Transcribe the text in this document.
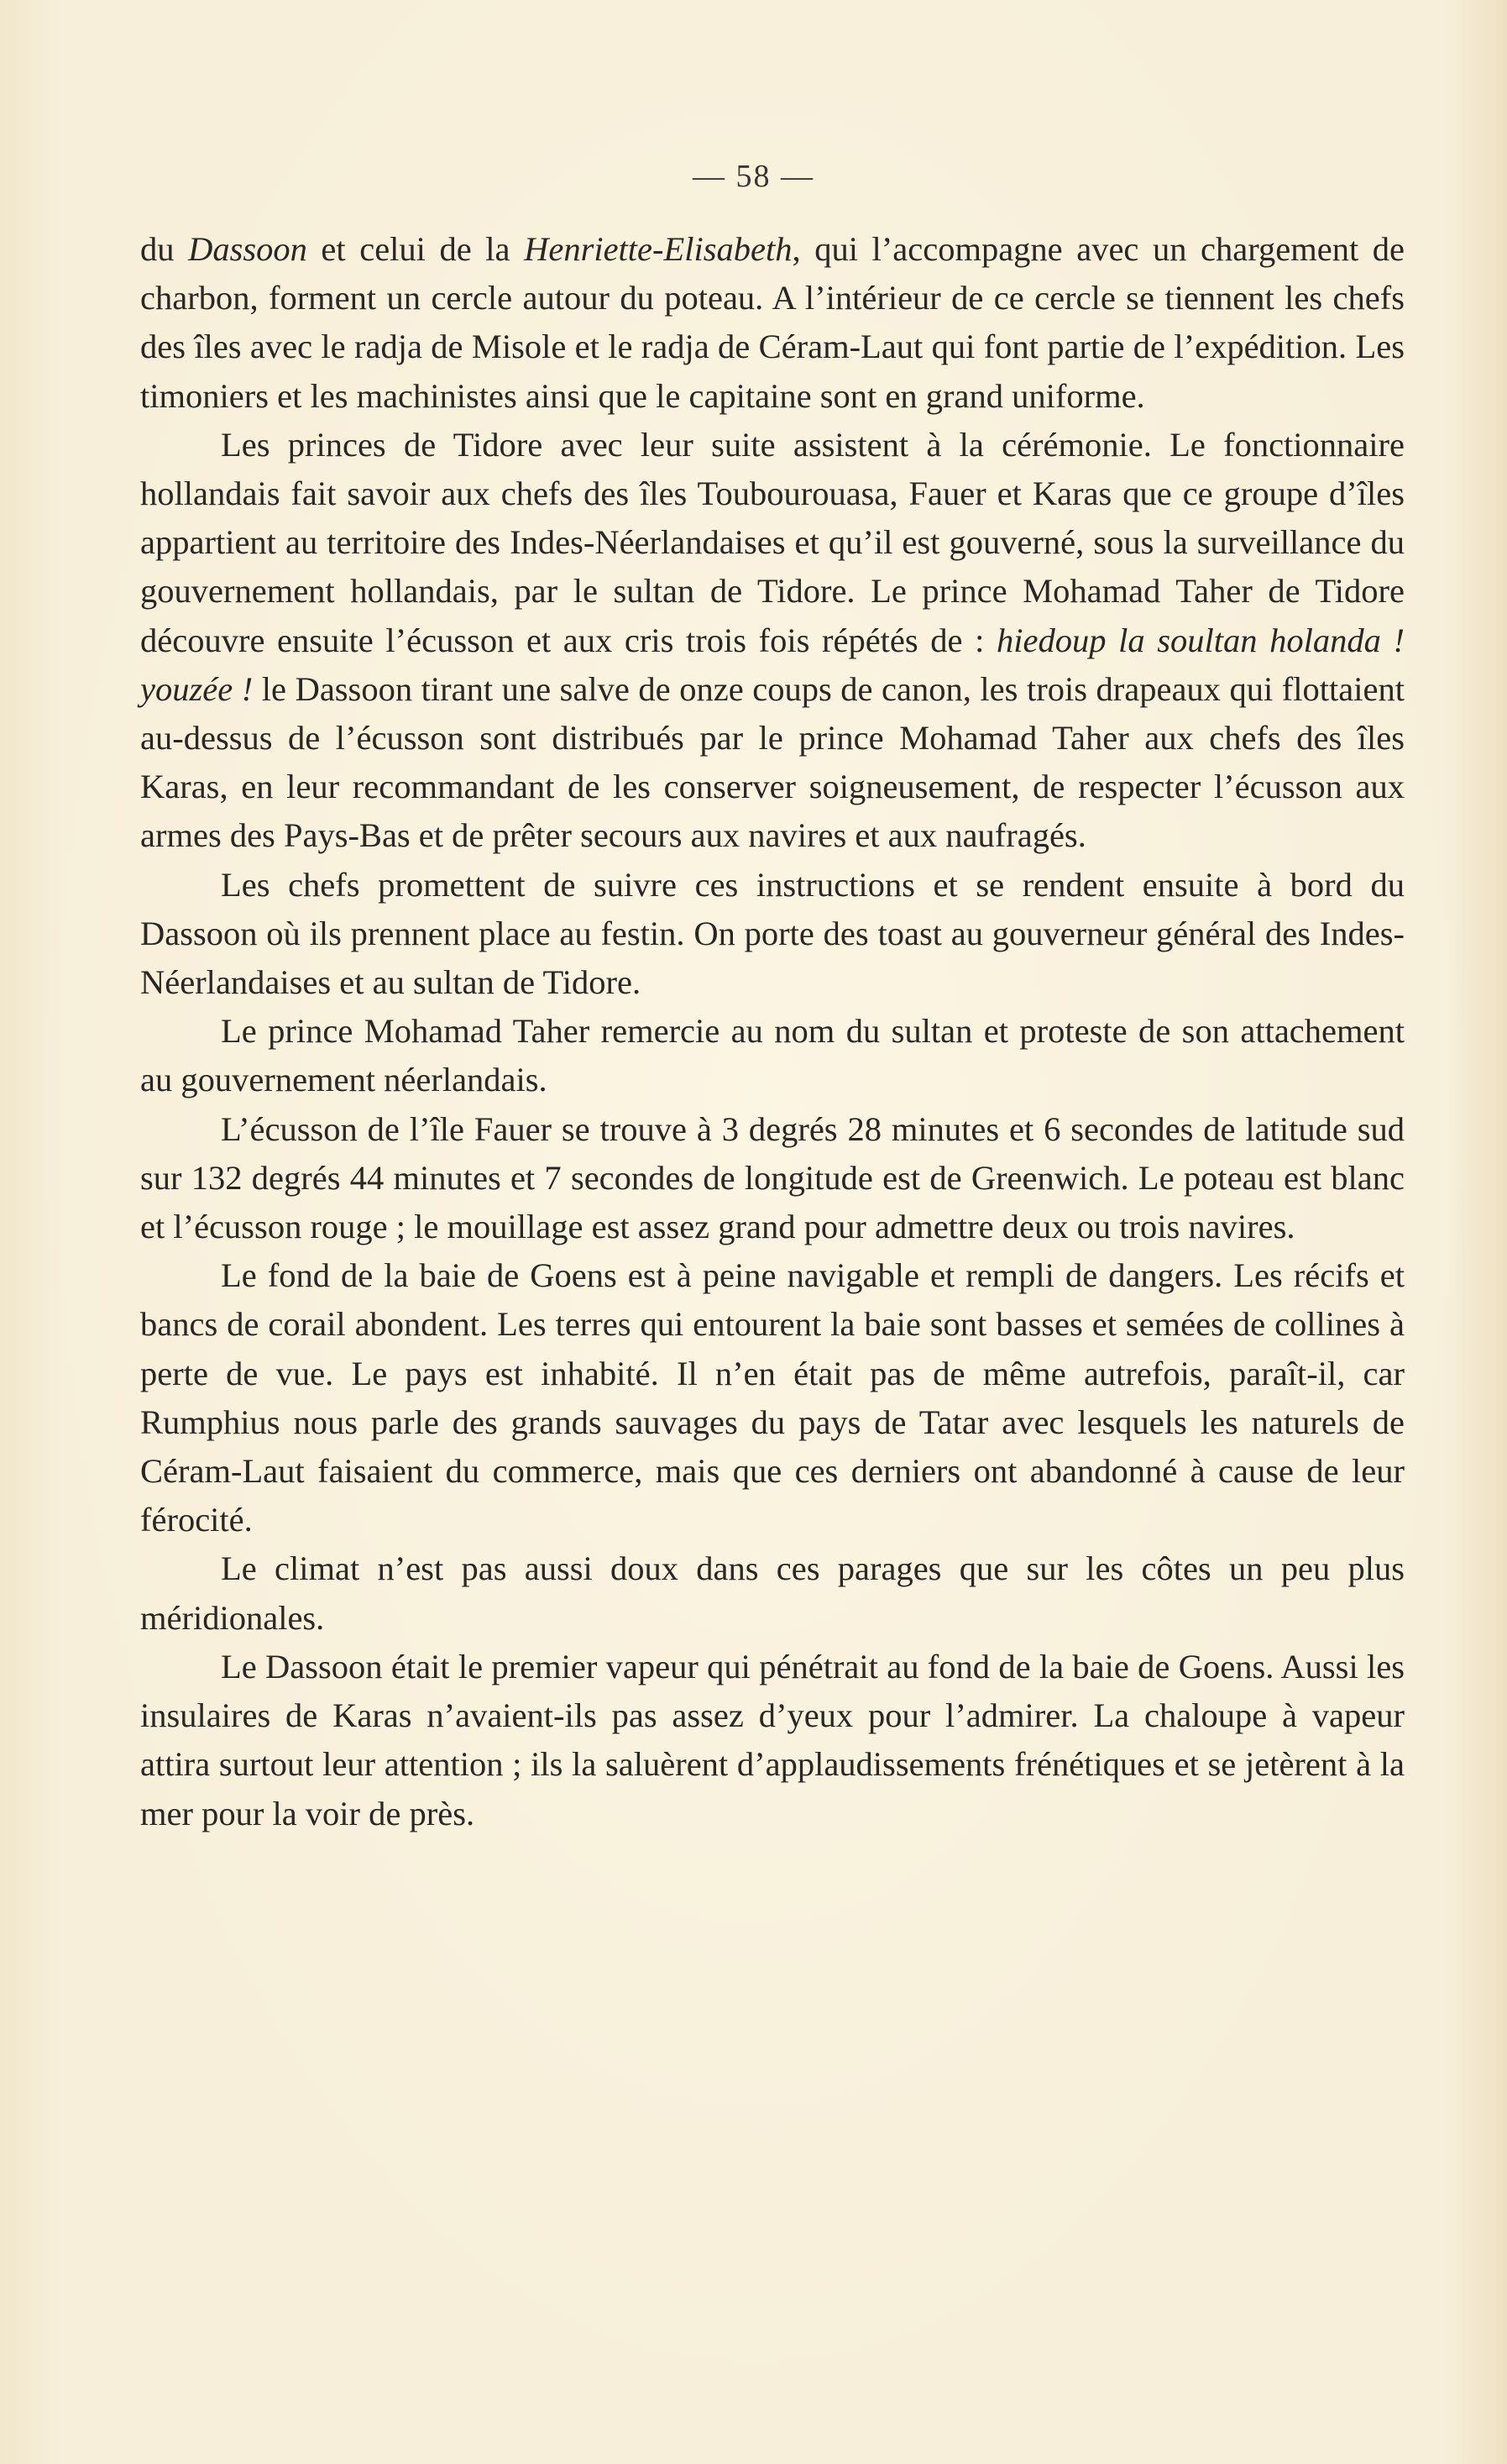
— 58 —

du Dassoon et celui de la Henriette-Elisabeth, qui l’accompagne avec un chargement de charbon, forment un cercle autour du poteau. A l’intérieur de ce cercle se tiennent les chefs des îles avec le radja de Misole et le radja de Céram-Laut qui font partie de l’expédition. Les timoniers et les machinistes ainsi que le capitaine sont en grand uniforme.

Les princes de Tidore avec leur suite assistent à la cérémonie. Le fonctionnaire hollandais fait savoir aux chefs des îles Toubourouasa, Fauer et Karas que ce groupe d’îles appartient au territoire des Indes-Néerlandaises et qu’il est gouverné, sous la surveillance du gouvernement hollandais, par le sultan de Tidore. Le prince Mohamad Taher de Tidore découvre ensuite l’écusson et aux cris trois fois répétés de : hiedoup la soultan holanda ! youzée ! le Dassoon tirant une salve de onze coups de canon, les trois drapeaux qui flottaient au-dessus de l’écusson sont distribués par le prince Mohamad Taher aux chefs des îles Karas, en leur recommandant de les conserver soigneusement, de respecter l’écusson aux armes des Pays-Bas et de prêter secours aux navires et aux naufragés.

Les chefs promettent de suivre ces instructions et se rendent ensuite à bord du Dassoon où ils prennent place au festin. On porte des toast au gouverneur général des Indes-Néerlandaises et au sultan de Tidore.

Le prince Mohamad Taher remercie au nom du sultan et proteste de son attachement au gouvernement néerlandais.

L’écusson de l’île Fauer se trouve à 3 degrés 28 minutes et 6 secondes de latitude sud sur 132 degrés 44 minutes et 7 secondes de longitude est de Greenwich. Le poteau est blanc et l’écusson rouge ; le mouillage est assez grand pour admettre deux ou trois navires.

Le fond de la baie de Goens est à peine navigable et rempli de dangers. Les récifs et bancs de corail abondent. Les terres qui entourent la baie sont basses et semées de collines à perte de vue. Le pays est inhabité. Il n’en était pas de même autrefois, paraît-il, car Rumphius nous parle des grands sauvages du pays de Tatar avec lesquels les naturels de Céram-Laut faisaient du commerce, mais que ces derniers ont abandonné à cause de leur férocité.

Le climat n’est pas aussi doux dans ces parages que sur les côtes un peu plus méridionales.

Le Dassoon était le premier vapeur qui pénétrait au fond de la baie de Goens. Aussi les insulaires de Karas n’avaient-ils pas assez d’yeux pour l’admirer. La chaloupe à vapeur attira surtout leur attention ; ils la saluèrent d’applaudissements frénétiques et se jetèrent à la mer pour la voir de près.
